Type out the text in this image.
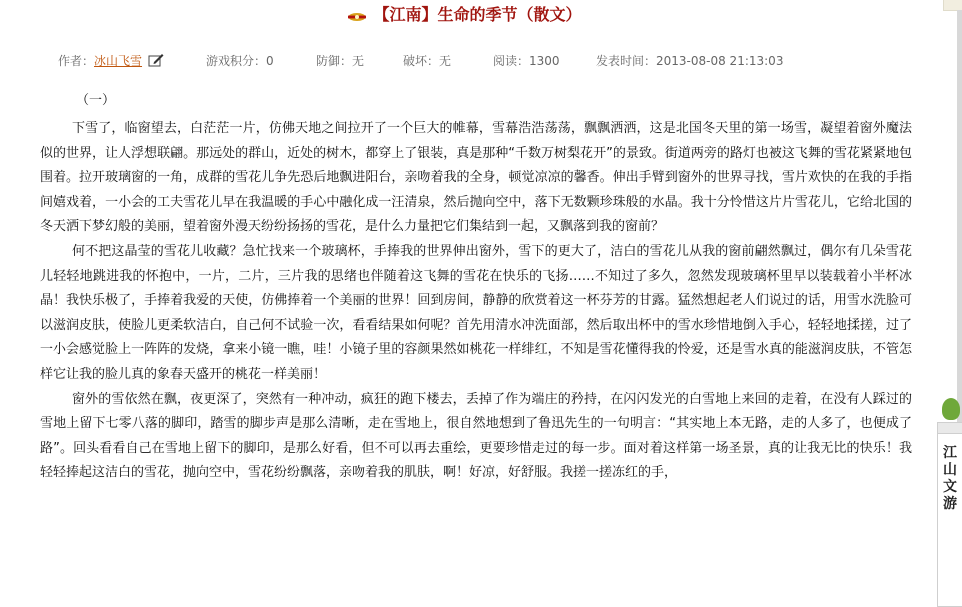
【江南】生命的季节（散文）
作者：冰山飞雪	游戏积分：0	防御：无	破坏：无	阅读：1300	发表时间：2013-08-08 21:13:03
（一）

下雪了，临窗望去，白茫茫一片，仿佛天地之间拉开了一个巨大的帷幕，雪幕浩浩荡荡，飘飘洒洒，这是北国冬天里的第一场雪，凝望着窗外魔法似的世界，让人浮想联翩。那远处的群山，近处的树木，都穿上了银装，真是那种“千数万树梨花开”的景致。街道两旁的路灯也被这飞舞的雪花紧紧地包围着。拉开玻璃窗的一角，成群的雪花儿争先恐后地飘进阳台，亲吻着我的全身，顿觉凉凉的馨香。伸出手臂到窗外的世界寻找，雪片欢快的在我的手指间嬉戏着，一小会的工夫雪花儿早在我温暖的手心中融化成一汪清泉，然后抛向空中，落下无数颗珍珠般的水晶。我十分怜惜这片片雪花儿，它给北国的冬天洒下梦幻般的美丽，望着窗外漫天纷纷扬扬的雪花，是什么力量把它们集结到一起，又飘落到我的窗前？

何不把这晶莹的雪花儿收藏？急忙找来一个玻璃杯，手捧我的世界伸出窗外，雪下的更大了，洁白的雪花儿从我的窗前翩然飘过，偶尔有几朵雪花儿轻轻地跳进我的怀抱中，一片，二片，三片我的思绪也伴随着这飞舞的雪花在快乐的飞扬……不知过了多久，忽然发现玻璃杯里早以装载着小半杯冰晶！我快乐极了，手捧着我爱的天使，仿佛捧着一个美丽的世界！回到房间，静静的欣赏着这一杯芬芳的甘露。猛然想起老人们说过的话，用雪水洗脸可以滋润皮肤，使脸儿更柔软洁白，自己何不试验一次，看看结果如何呢？首先用清水冲洗面部，然后取出杯中的雪水珍惜地倒入手心，轻轻地揉搓，过了一小会感觉脸上一阵阵的发烧，拿来小镜一瞧，哇！小镜子里的容颜果然如桃花一样绯红，不知是雪花懂得我的怜爱，还是雪水真的能滋润皮肤，不管怎样它让我的脸儿真的象春天盛开的桃花一样美丽！

窗外的雪依然在飘，夜更深了，突然有一种冲动，疯狂的跑下楼去，丢掉了作为端庄的矜持，在闪闪发光的白雪地上来回的走着，在没有人踩过的雪地上留下七零八落的脚印，踏雪的脚步声是那么清晰，走在雪地上，很自然地想到了鲁迅先生的一句明言：“其实地上本无路，走的人多了，也便成了路”。回头看看自己在雪地上留下的脚印，是那么好看，但不可以再去重绘，更要珍惜走过的每一步。面对着这样第一场圣景，真的让我无比的快乐！我轻轻捧起这洁白的雪花，抛向空中，雪花纷纷飘落，亲吻着我的肌肤，啊！好凉，好舒服。我搓一搓冻红的手，

江山文游
